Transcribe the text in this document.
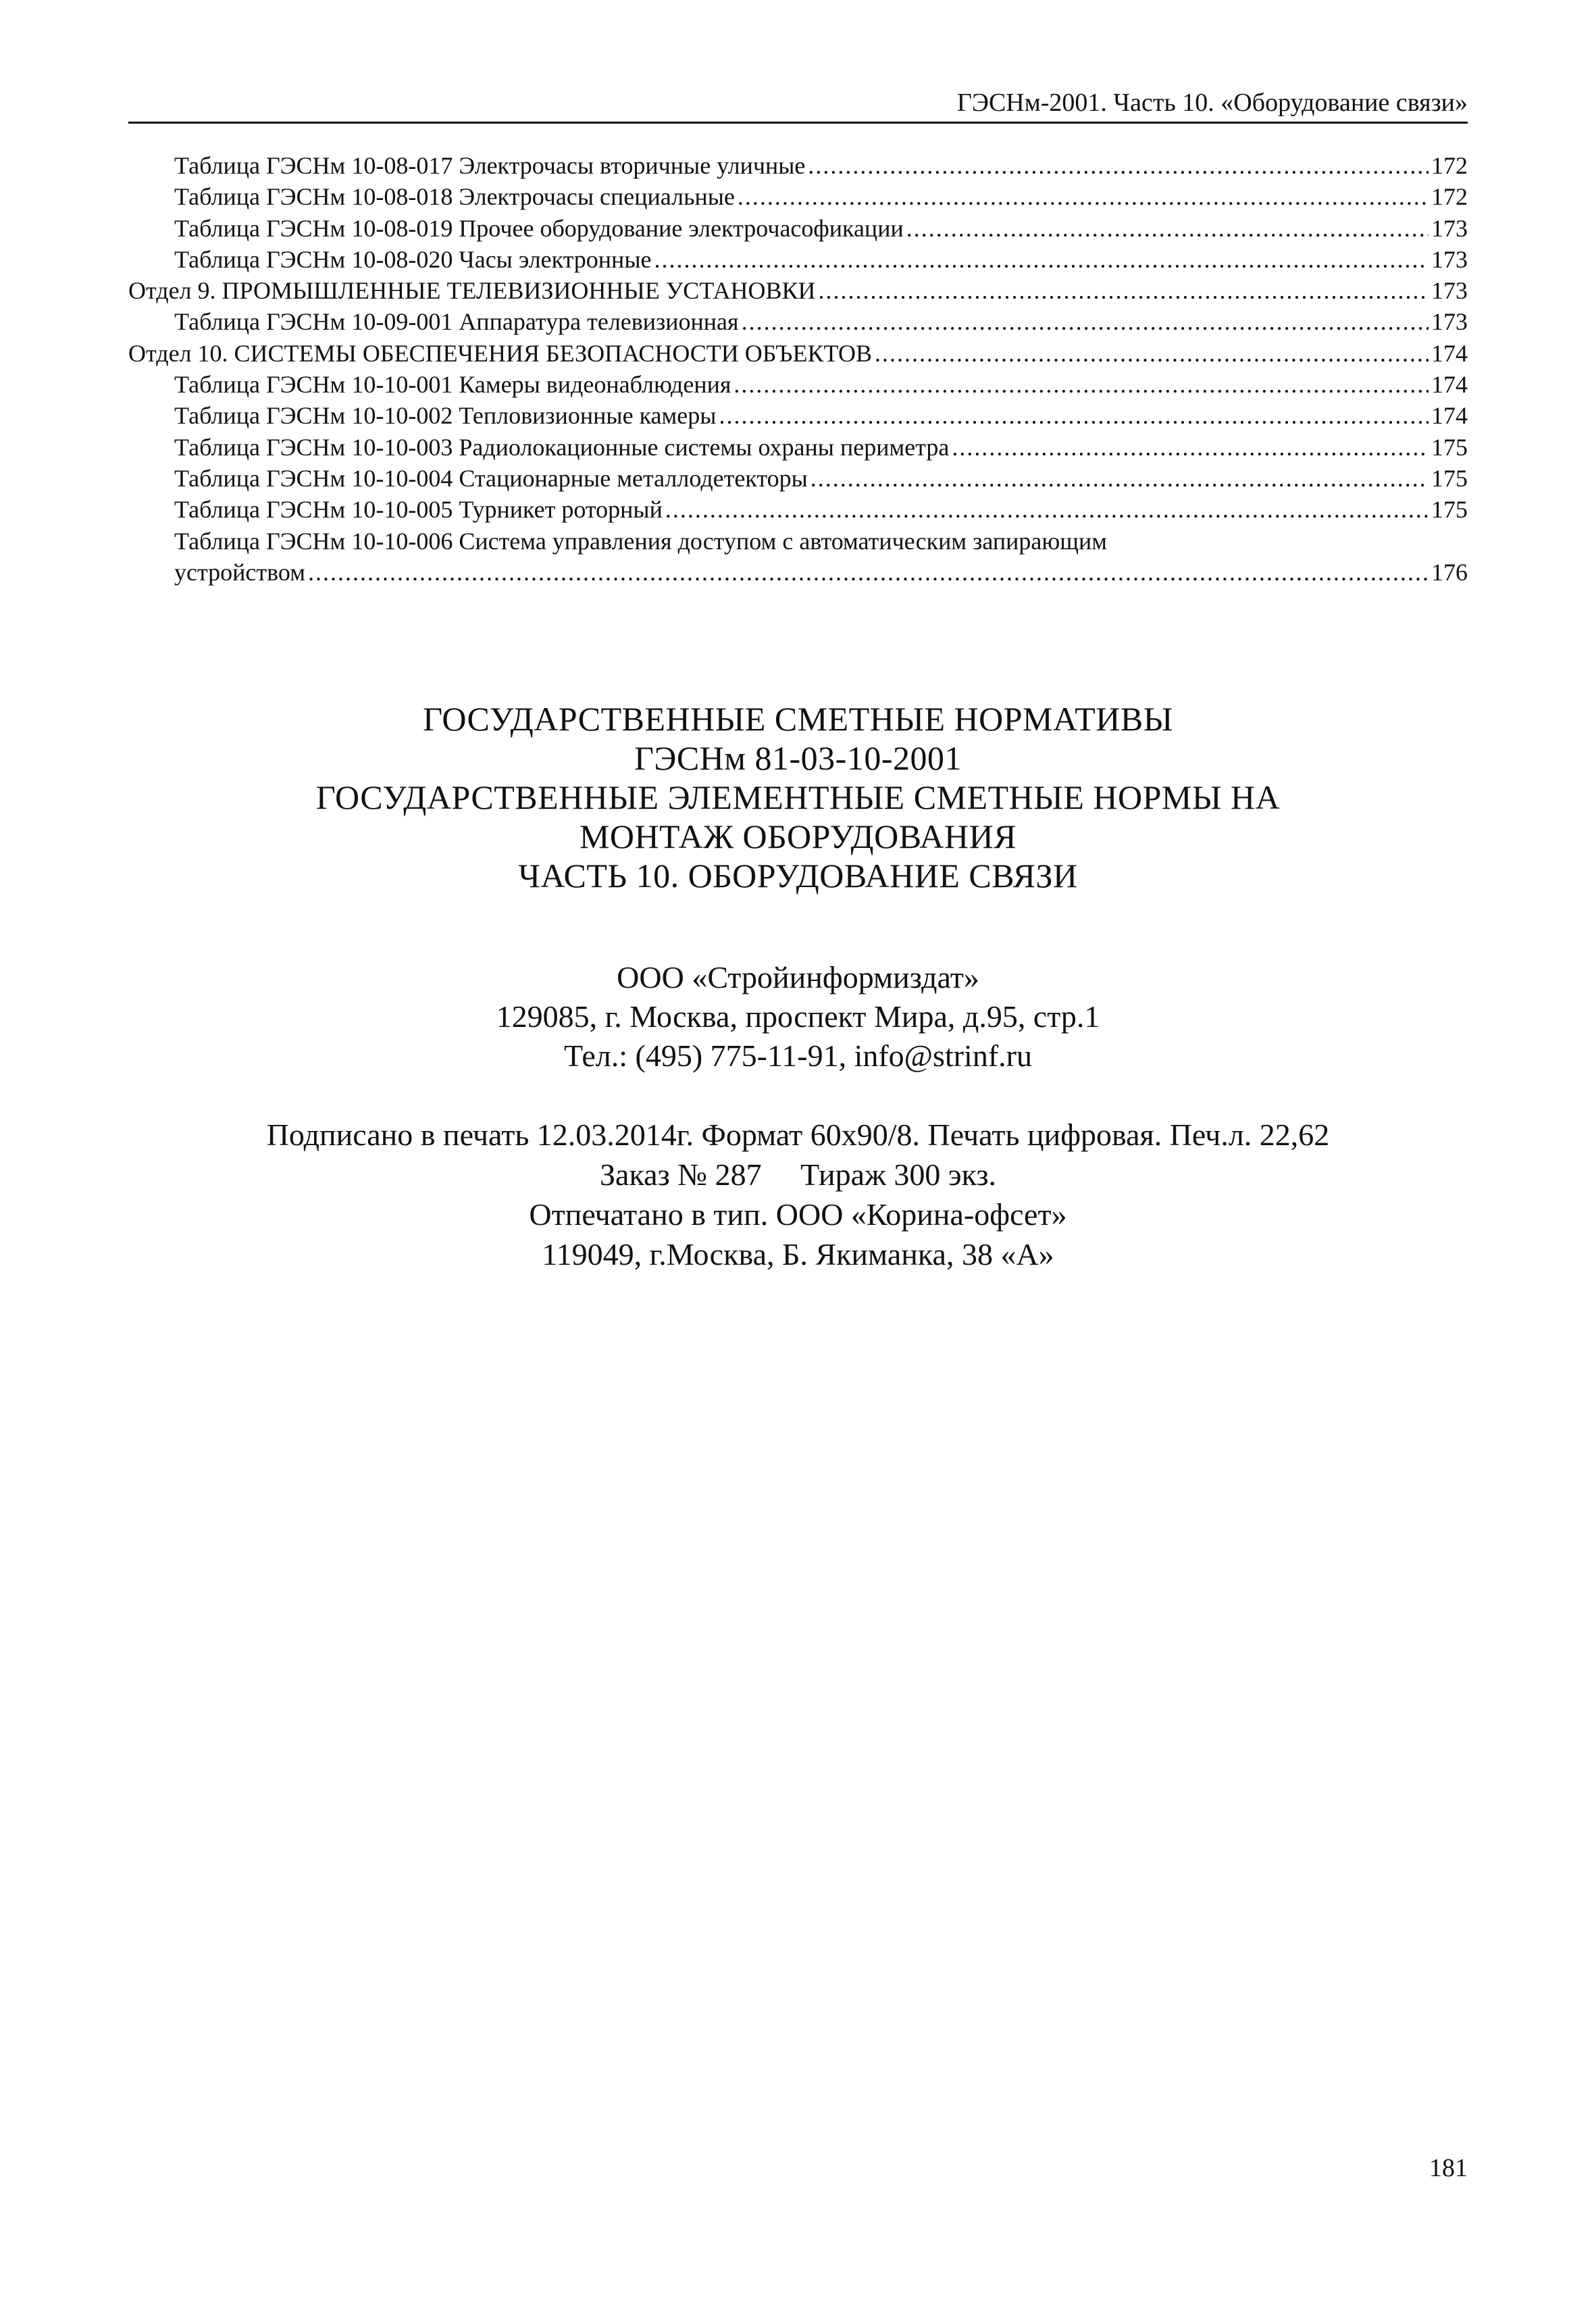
ГЭСНм-2001. Часть 10. «Оборудование связи»
Таблица ГЭСНм 10-08-017 Электрочасы вторичные уличные .....	172
Таблица ГЭСНм 10-08-018 Электрочасы специальные .....	172
Таблица ГЭСНм 10-08-019 Прочее оборудование электрочасофикации .....	173
Таблица ГЭСНм 10-08-020 Часы электронные .....	173
Отдел 9. ПРОМЫШЛЕННЫЕ ТЕЛЕВИЗИОННЫЕ УСТАНОВКИ .....	173
Таблица ГЭСНм 10-09-001 Аппаратура телевизионная .....	173
Отдел 10. СИСТЕМЫ ОБЕСПЕЧЕНИЯ БЕЗОПАСНОСТИ ОБЪЕКТОВ .....	174
Таблица ГЭСНм 10-10-001 Камеры видеонаблюдения .....	174
Таблица ГЭСНм 10-10-002 Тепловизионные камеры .....	174
Таблица ГЭСНм 10-10-003 Радиолокационные системы охраны периметра .....	175
Таблица ГЭСНм 10-10-004 Стационарные металлодетекторы .....	175
Таблица ГЭСНм 10-10-005 Турникет роторный .....	175
Таблица ГЭСНм 10-10-006 Система управления доступом с автоматическим запирающим
устройством .....	176
ГОСУДАРСТВЕННЫЕ СМЕТНЫЕ НОРМАТИВЫ
ГЭСНм 81-03-10-2001
ГОСУДАРСТВЕННЫЕ ЭЛЕМЕНТНЫЕ СМЕТНЫЕ НОРМЫ НА
МОНТАЖ ОБОРУДОВАНИЯ
ЧАСТЬ 10. ОБОРУДОВАНИЕ СВЯЗИ
ООО «Стройинформиздат»
129085, г. Москва, проспект Мира, д.95, стр.1
Тел.: (495) 775-11-91, info@strinf.ru
Подписано в печать 12.03.2014г. Формат 60х90/8. Печать цифровая. Печ.л. 22,62
Заказ № 287     Тираж 300 экз.
Отпечатано в тип. ООО «Корина-офсет»
119049, г.Москва, Б. Якиманка, 38 «А»
181
